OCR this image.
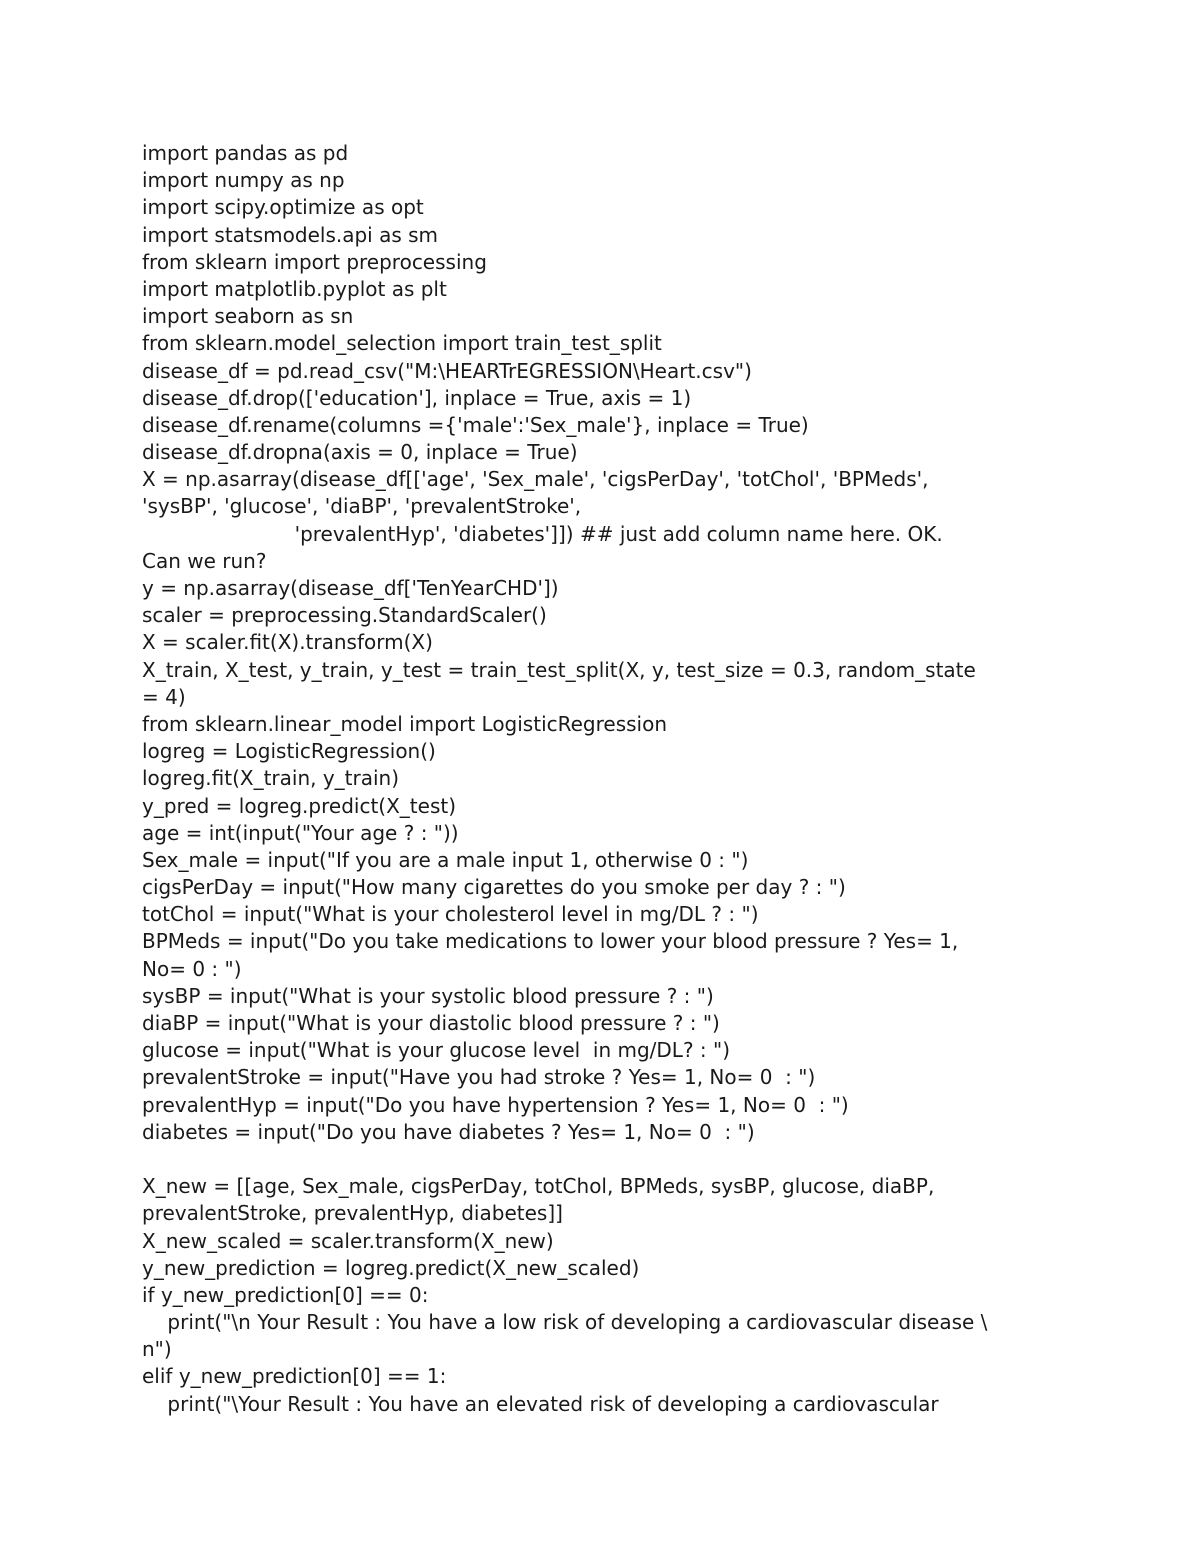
import pandas as pd
import numpy as np
import scipy.optimize as opt
import statsmodels.api as sm
from sklearn import preprocessing
import matplotlib.pyplot as plt
import seaborn as sn
from sklearn.model_selection import train_test_split
disease_df = pd.read_csv("M:\HEARTrEGRESSION\Heart.csv")
disease_df.drop(['education'], inplace = True, axis = 1)
disease_df.rename(columns ={'male':'Sex_male'}, inplace = True)
disease_df.dropna(axis = 0, inplace = True)
X = np.asarray(disease_df[['age', 'Sex_male', 'cigsPerDay', 'totChol', 'BPMeds',
'sysBP', 'glucose', 'diaBP', 'prevalentStroke',
'prevalentHyp', 'diabetes']]) ## just add column name here. OK.
Can we run?
y = np.asarray(disease_df['TenYearCHD'])
scaler = preprocessing.StandardScaler()
X = scaler.fit(X).transform(X)
X_train, X_test, y_train, y_test = train_test_split(X, y, test_size = 0.3, random_state
= 4)
from sklearn.linear_model import LogisticRegression
logreg = LogisticRegression()
logreg.fit(X_train, y_train)
y_pred = logreg.predict(X_test)
age = int(input("Your age ? : "))
Sex_male = input("If you are a male input 1, otherwise 0 : ")
cigsPerDay = input("How many cigarettes do you smoke per day ? : ")
totChol = input("What is your cholesterol level in mg/DL ? : ")
BPMeds = input("Do you take medications to lower your blood pressure ? Yes= 1,
No= 0 : ")
sysBP = input("What is your systolic blood pressure ? : ")
diaBP = input("What is your diastolic blood pressure ? : ")
glucose = input("What is your glucose level  in mg/DL? : ")
prevalentStroke = input("Have you had stroke ? Yes= 1, No= 0  : ")
prevalentHyp = input("Do you have hypertension ? Yes= 1, No= 0  : ")
diabetes = input("Do you have diabetes ? Yes= 1, No= 0  : ")
X_new = [[age, Sex_male, cigsPerDay, totChol, BPMeds, sysBP, glucose, diaBP,
prevalentStroke, prevalentHyp, diabetes]]
X_new_scaled = scaler.transform(X_new)
y_new_prediction = logreg.predict(X_new_scaled)
if y_new_prediction[0] == 0:
print("\n Your Result : You have a low risk of developing a cardiovascular disease \
n")
elif y_new_prediction[0] == 1:
print("\Your Result : You have an elevated risk of developing a cardiovascular
